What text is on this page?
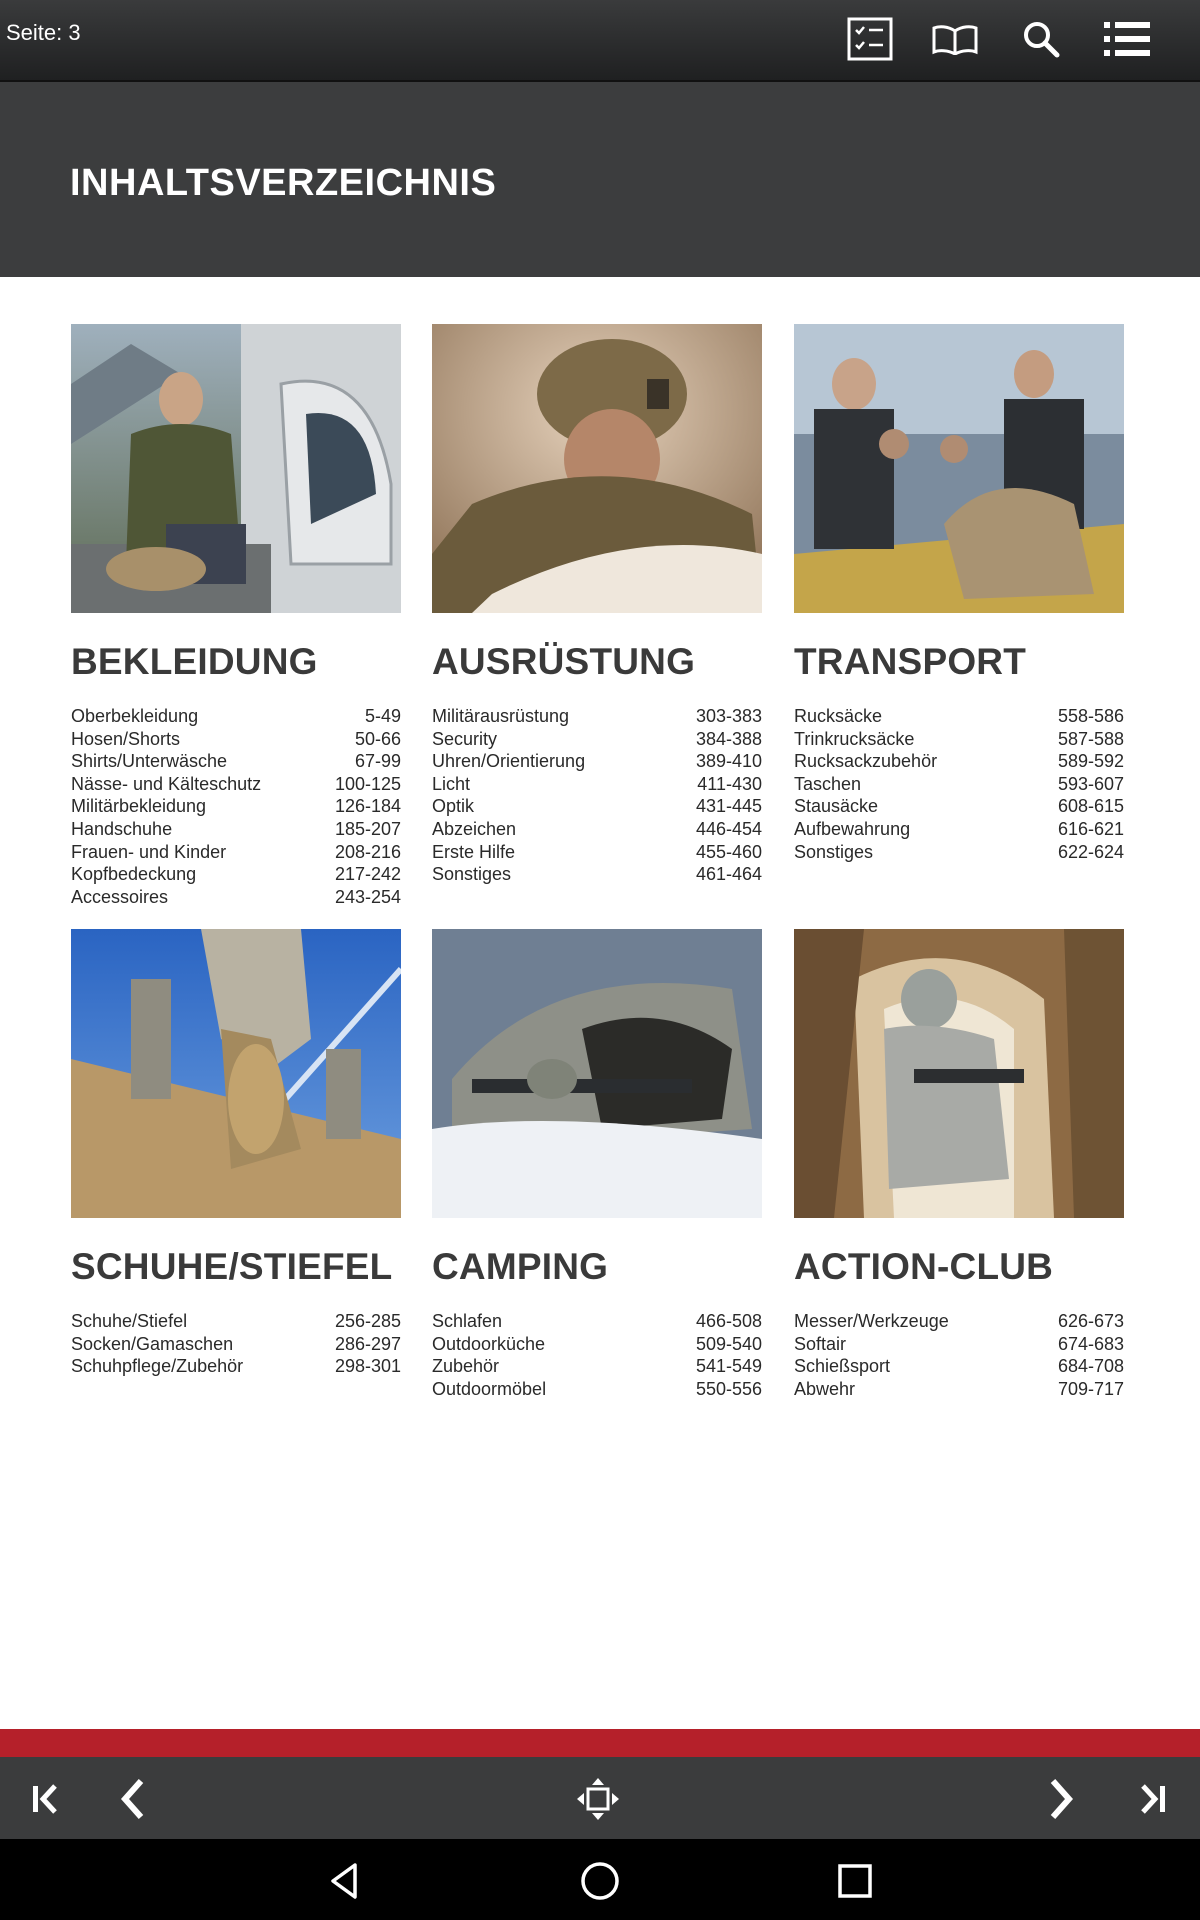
Seite: 3
INHALTSVERZEICHNIS
BEKLEIDUNG
Oberbekleidung	5-49
Hosen/Shorts	50-66
Shirts/Unterwäsche	67-99
Nässe- und Kälteschutz	100-125
Militärbekleidung	126-184
Handschuhe	185-207
Frauen- und Kinder	208-216
Kopfbedeckung	217-242
Accessoires	243-254
AUSRÜSTUNG
Militärausrüstung	303-383
Security	384-388
Uhren/Orientierung	389-410
Licht	411-430
Optik	431-445
Abzeichen	446-454
Erste Hilfe	455-460
Sonstiges	461-464
TRANSPORT
Rucksäcke	558-586
Trinkrucksäcke	587-588
Rucksackzubehör	589-592
Taschen	593-607
Stausäcke	608-615
Aufbewahrung	616-621
Sonstiges	622-624
SCHUHE/STIEFEL
Schuhe/Stiefel	256-285
Socken/Gamaschen	286-297
Schuhpflege/Zubehör	298-301
CAMPING
Schlafen	466-508
Outdoorküche	509-540
Zubehör	541-549
Outdoormöbel	550-556
ACTION-CLUB
Messer/Werkzeuge	626-673
Softair	674-683
Schießsport	684-708
Abwehr	709-717
